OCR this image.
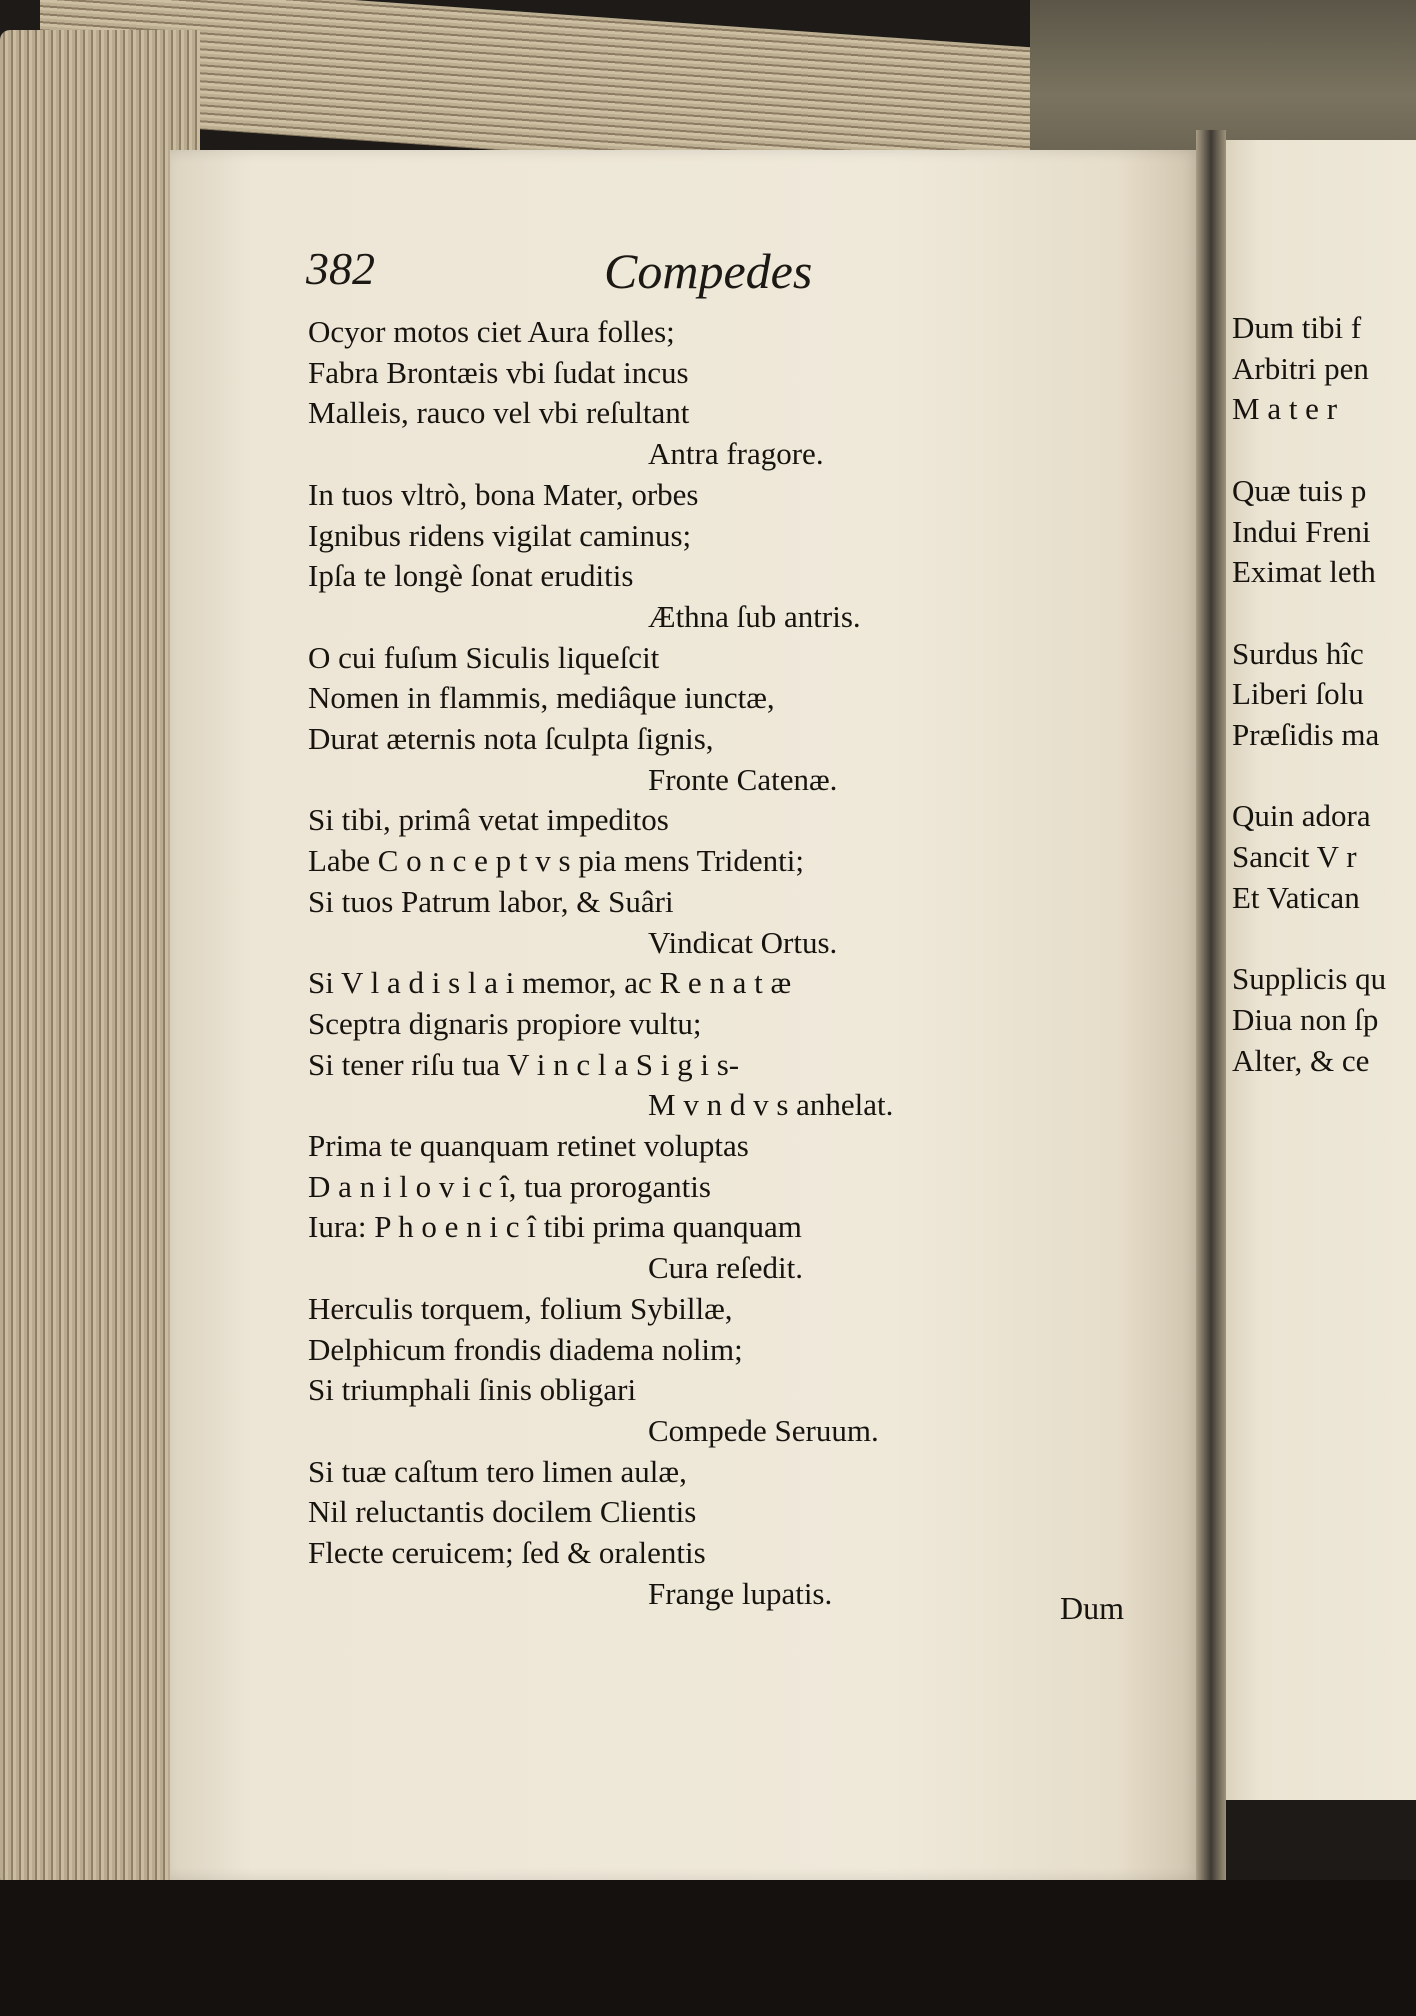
382	Compedes
Ocyor motos ciet Aura folles;
Fabra Brontæis vbi ſudat incus
Malleis, rauco vel vbi reſultant
Antra fragore.
In tuos vltrò, bona Mater, orbes
Ignibus ridens vigilat caminus;
Ipſa te longè ſonat eruditis
Æthna ſub antris.
O cui fuſum Siculis liqueſcit
Nomen in flammis, mediâque iunctæ,
Durat æternis nota ſculpta ſignis,
Fronte Catenæ.
Si tibi, primâ vetat impeditos
Labe C o n c e p t v s pia mens Tridenti;
Si tuos Patrum labor, & Suâri
Vindicat Ortus.
Si V l a d i s l a i memor, ac R e n a t æ
Sceptra dignaris propiore vultu;
Si tener riſu tua V i n c l a S i g i s-
M v n d v s anhelat.
Prima te quanquam retinet voluptas
D a n i l o v i c î, tua prorogantis
Iura: P h o e n i c î tibi prima quanquam
Cura reſedit.
Herculis torquem, folium Sybillæ,
Delphicum frondis diadema nolim;
Si triumphali ſinis obligari
Compede Seruum.
Si tuæ caſtum tero limen aulæ,
Nil reluctantis docilem Clientis
Flecte ceruicem; ſed & oralentis
Frange lupatis.	Dum
Dum tibi f
Arbitri pen
M a t e r
Quæ tuis p
Indui Freni
Eximat leth
Surdus hîc
Liberi ſolu
Præſidis ma
Quin adora
Sancit V r
Et Vatican
Supplicis qu
Diua non ſp
Alter, & ce
